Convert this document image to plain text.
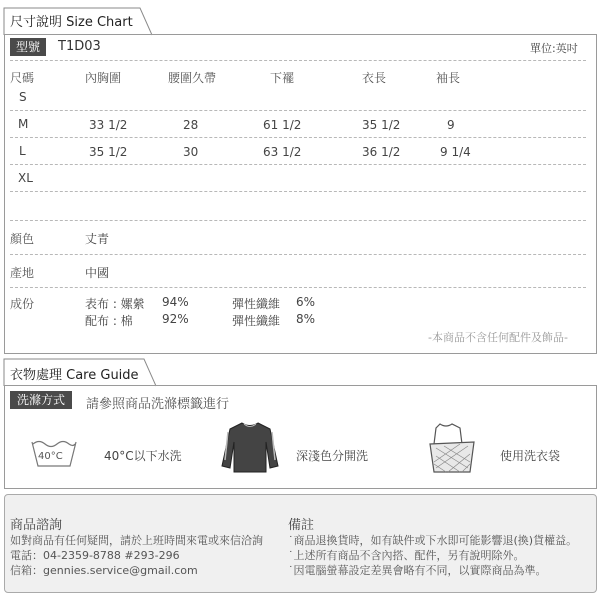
尺寸說明 Size Chart
型號	T1D03	單位:英吋
尺碼	內胸圍	腰圍久帶	下襬	衣長	袖長
S
M	33 1/2	28	61 1/2	35 1/2	9
L	35 1/2	30	63 1/2	36 1/2	9 1/4
XL
顏色	丈青
產地	中國
成份	表布 : 嫘縈 94%	彈性纖維 6%
配布 : 棉 92%	彈性纖維 8%
-本商品不含任何配件及飾品-
衣物處理 Care Guide
洗滌方式	請參照商品洗滌標籤進行
40°C	40°C以下水洗	深淺色分開洗	使用洗衣袋
商品諮詢
如對商品有任何疑問，請於上班時間來電或來信洽詢
電話：04-2359-8788 #293-296
信箱：gennies.service@gmail.com
備註
˙商品退換貨時，如有缺件或下水即可能影響退(換)貨權益。
˙上述所有商品不含內搭、配件，另有說明除外。
˙因電腦螢幕設定差異會略有不同，以實際商品為準。
